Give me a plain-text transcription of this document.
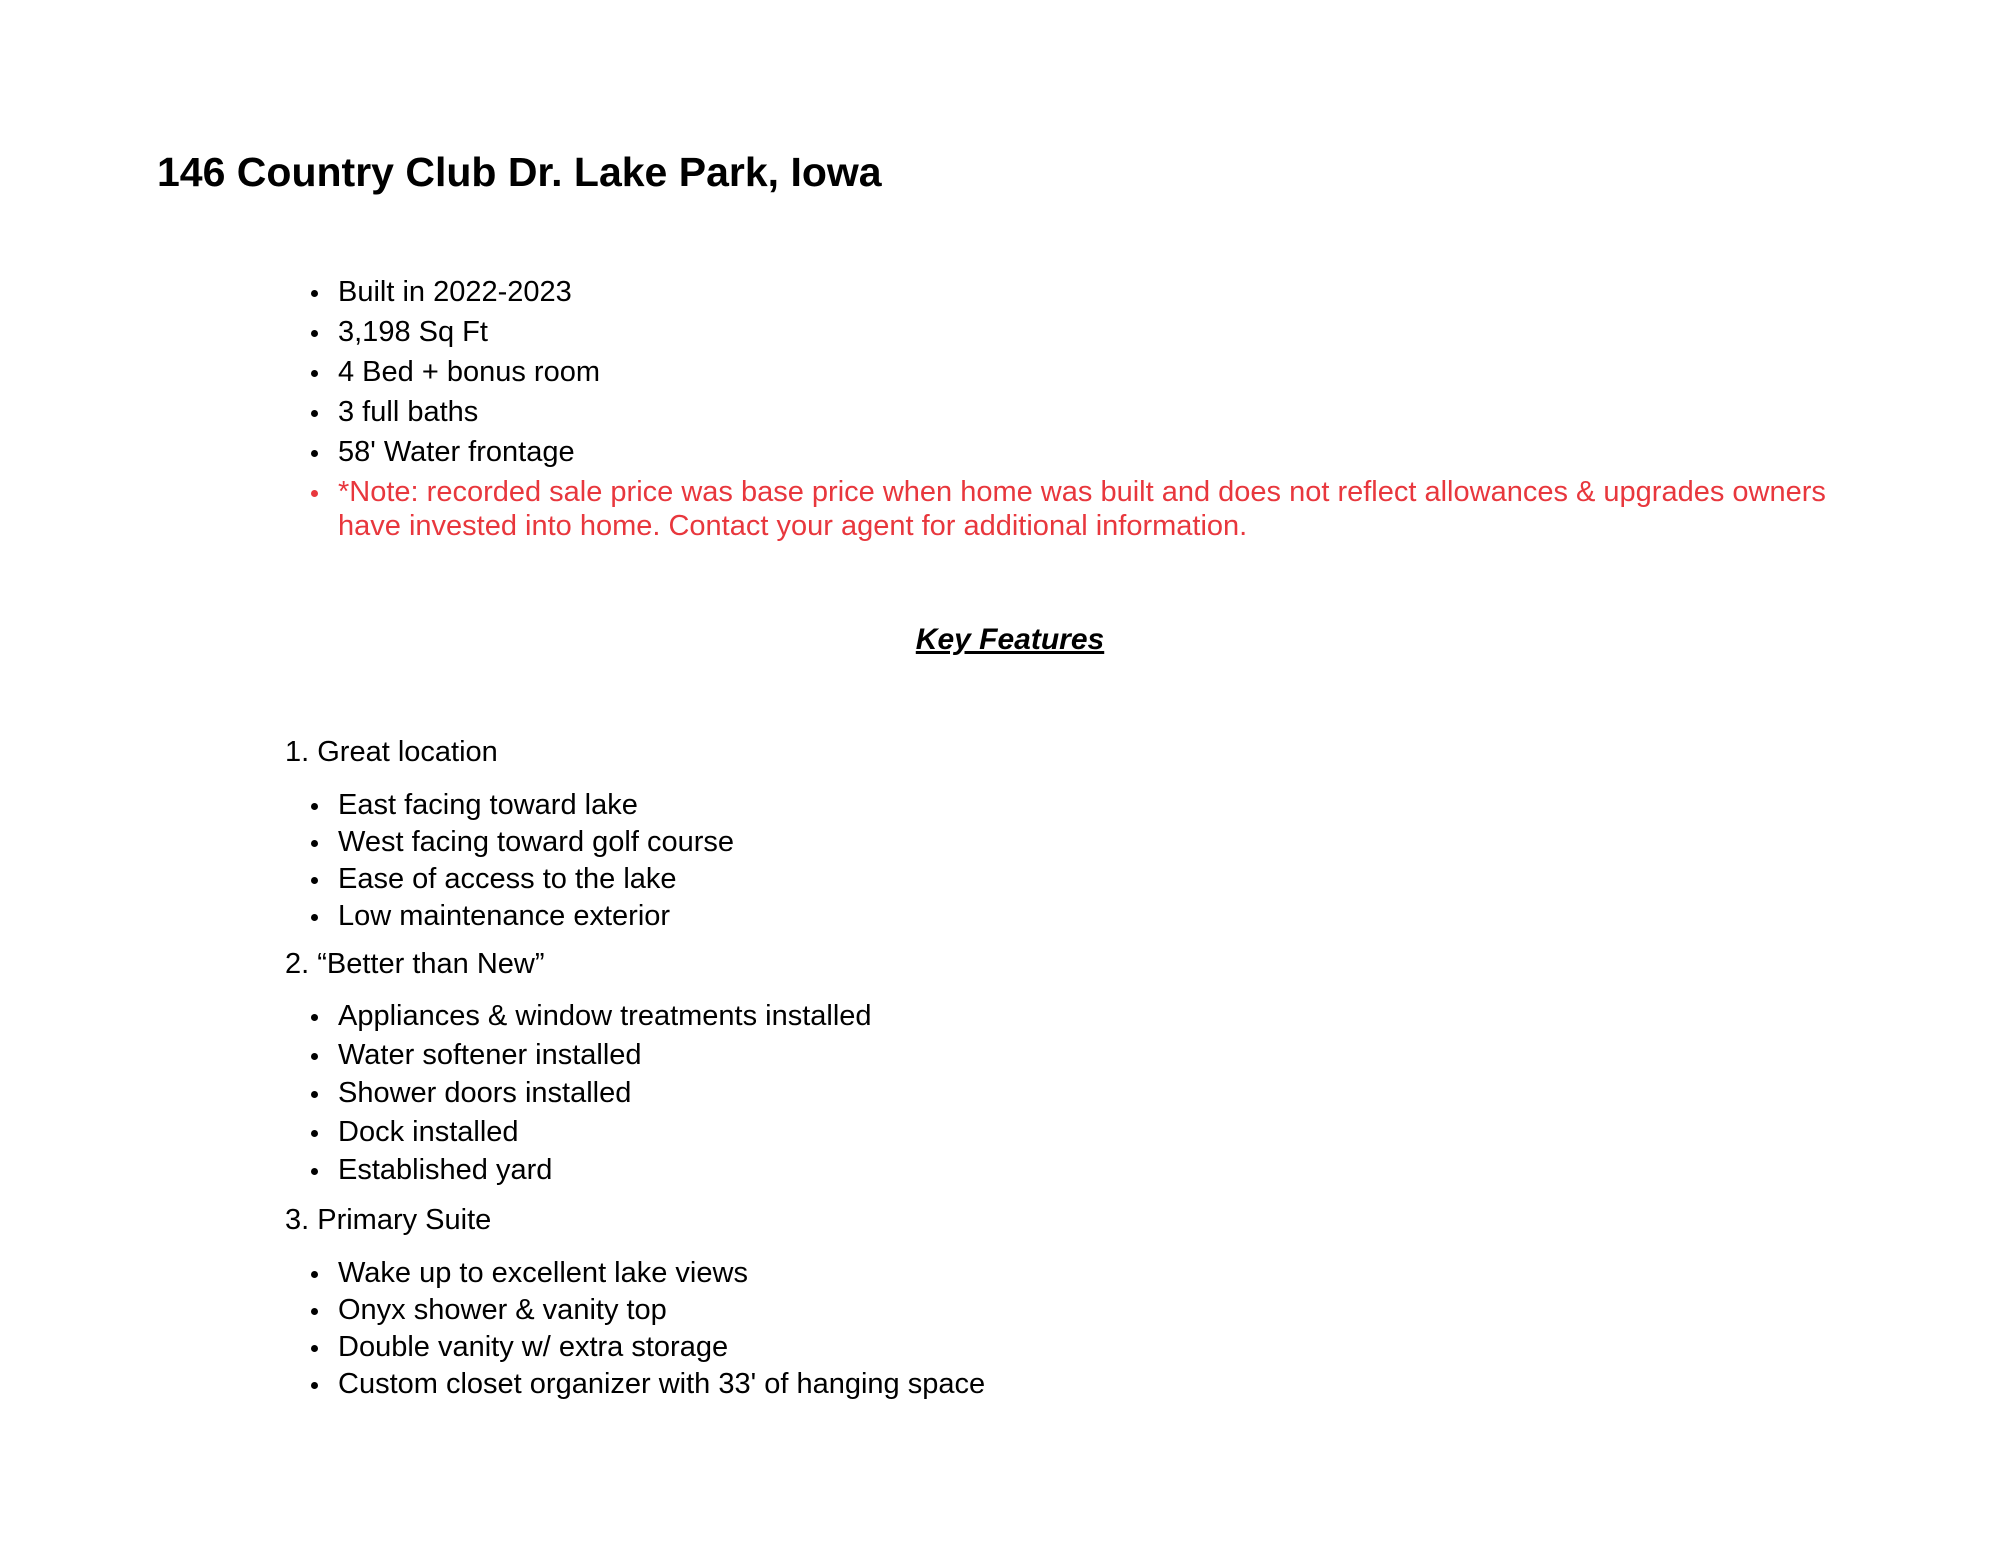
146 Country Club Dr. Lake Park, Iowa
Built in 2022-2023
3,198 Sq Ft
4 Bed + bonus room
3 full baths
58' Water frontage
*Note: recorded sale price was base price when home was built and does not reflect allowances & upgrades owners have invested into home. Contact your agent for additional information.
Key Features
1. Great location
East facing toward lake
West facing toward golf course
Ease of access to the lake
Low maintenance exterior
2. “Better than New”
Appliances & window treatments installed
Water softener installed
Shower doors installed
Dock installed
Established yard
3. Primary Suite
Wake up to excellent lake views
Onyx shower & vanity top
Double vanity w/ extra storage
Custom closet organizer with 33' of hanging space
